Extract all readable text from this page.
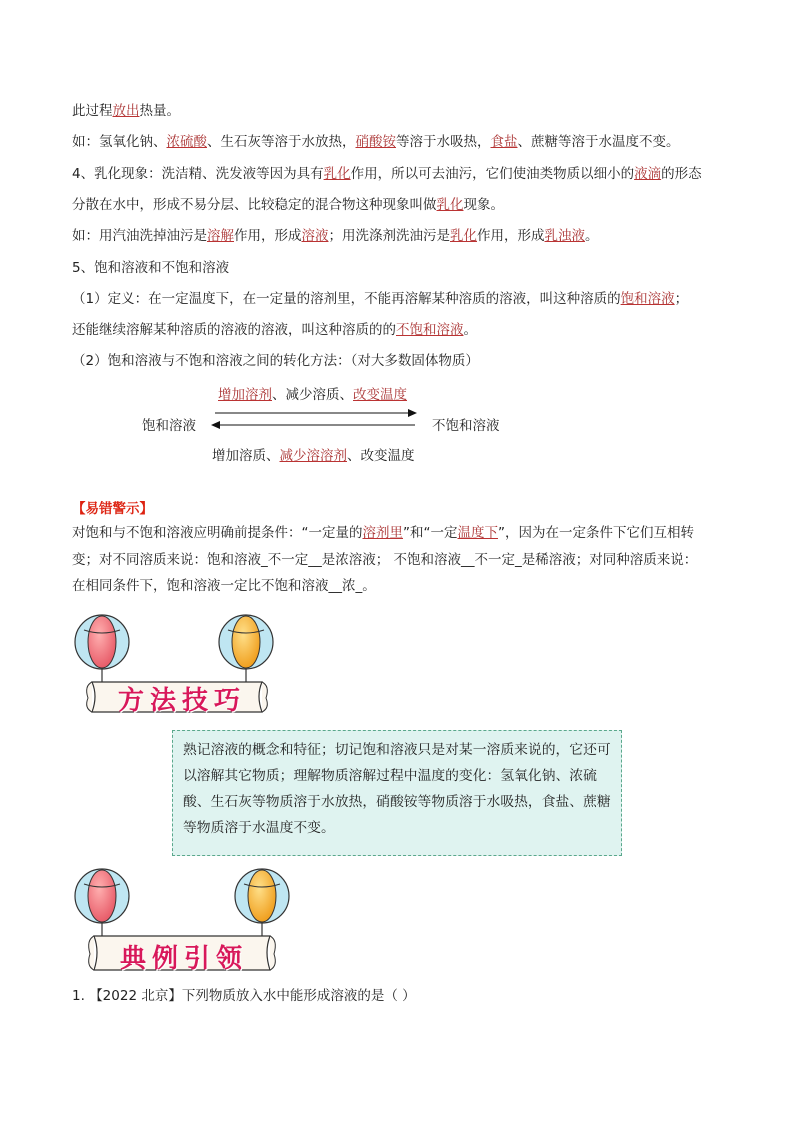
此过程放出热量。
如：氢氧化钠、浓硫酸、生石灰等溶于水放热，硝酸铵等溶于水吸热，食盐、蔗糖等溶于水温度不变。
4、乳化现象：洗洁精、洗发液等因为具有乳化作用，所以可去油污，它们使油类物质以细小的液滴的形态
分散在水中，形成不易分层、比较稳定的混合物这种现象叫做乳化现象。
如：用汽油洗掉油污是溶解作用，形成溶液；用洗涤剂洗油污是乳化作用，形成乳浊液。
5、饱和溶液和不饱和溶液
（1）定义：在一定温度下，在一定量的溶剂里，不能再溶解某种溶质的溶液，叫这种溶质的饱和溶液；
还能继续溶解某种溶质的溶液的溶液，叫这种溶质的的不饱和溶液。
（2）饱和溶液与不饱和溶液之间的转化方法：（对大多数固体物质）
增加溶剂、减少溶质、改变温度
饱和溶液	不饱和溶液
增加溶质、减少溶溶剂、改变温度
【易错警示】
对饱和与不饱和溶液应明确前提条件：“一定量的溶剂里”和“一定温度下”，因为在一定条件下它们互相转
变；对不同溶质来说：饱和溶液_不一定__是浓溶液； 不饱和溶液__不一定_是稀溶液；对同种溶质来说：
在相同条件下，饱和溶液一定比不饱和溶液__浓_。
方法技巧
熟记溶液的概念和特征；切记饱和溶液只是对某一溶质来说的，它还可以溶解其它物质；理解物质溶解过程中温度的变化：氢氧化钠、浓硫酸、生石灰等物质溶于水放热，硝酸铵等物质溶于水吸热，食盐、蔗糖等物质溶于水温度不变。
典例引领
1. 【2022 北京】下列物质放入水中能形成溶液的是（ ）
